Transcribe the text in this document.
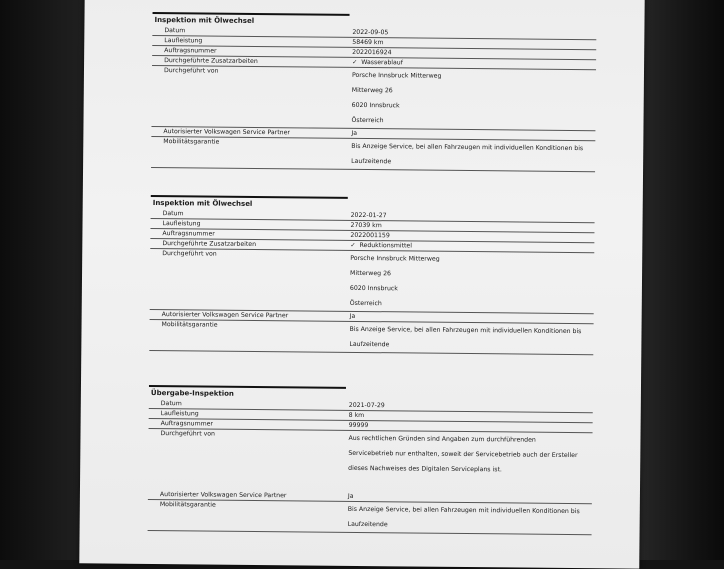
Inspektion mit Ölwechsel
Datum	2022-09-05
Laufleistung	58469 km
Auftragsnummer	2022016924
Durchgeführte Zusatzarbeiten	✓ Wasserablauf
Durchgeführt von
Porsche Innsbruck Mitterweg
Mitterweg 26
6020 Innsbruck
Österreich
Autorisierter Volkswagen Service Partner	Ja
Mobilitätsgarantie
Bis Anzeige Service, bei allen Fahrzeugen mit individuellen Konditionen bis
Laufzeitende
Inspektion mit Ölwechsel
Datum	2022-01-27
Laufleistung	27039 km
Auftragsnummer	2022001159
Durchgeführte Zusatzarbeiten	✓ Reduktionsmittel
Durchgeführt von
Porsche Innsbruck Mitterweg
Mitterweg 26
6020 Innsbruck
Österreich
Autorisierter Volkswagen Service Partner	Ja
Mobilitätsgarantie
Bis Anzeige Service, bei allen Fahrzeugen mit individuellen Konditionen bis
Laufzeitende
Übergabe-Inspektion
Datum	2021-07-29
Laufleistung	8 km
Auftragsnummer	99999
Durchgeführt von
Aus rechtlichen Gründen sind Angaben zum durchführenden
Servicebetrieb nur enthalten, soweit der Servicebetrieb auch der Ersteller
dieses Nachweises des Digitalen Serviceplans ist.
Autorisierter Volkswagen Service Partner	Ja
Mobilitätsgarantie
Bis Anzeige Service, bei allen Fahrzeugen mit individuellen Konditionen bis
Laufzeitende
